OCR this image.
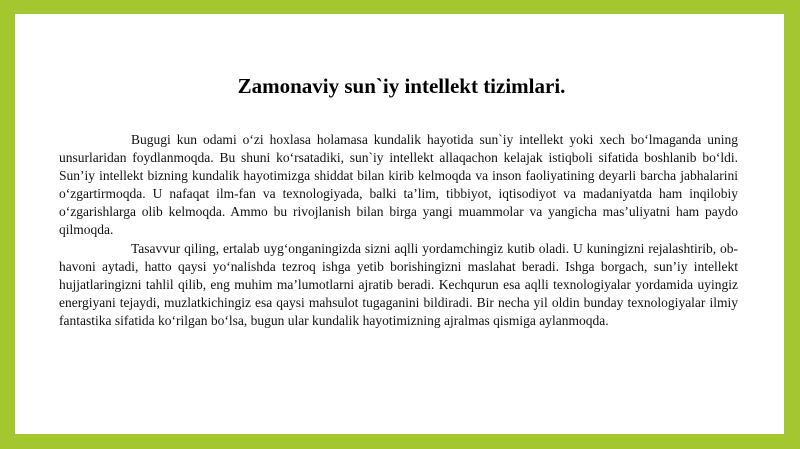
Zamonaviy sun`iy intellekt tizimlari.

Bugugi kun odami o‘zi hoxlasa holamasa kundalik hayotida sun`iy intellekt yoki xech bo‘lmaganda uning unsurlaridan foydlanmoqda. Bu shuni ko‘rsatadiki, sun`iy intellekt allaqachon kelajak istiqboli sifatida boshlanib bo‘ldi. Sun’iy intellekt bizning kundalik hayotimizga shiddat bilan kirib kelmoqda va inson faoliyatining deyarli barcha jabhalarini o‘zgartirmoqda. U nafaqat ilm-fan va texnologiyada, balki ta’lim, tibbiyot, iqtisodiyot va madaniyatda ham inqilobiy o‘zgarishlarga olib kelmoqda. Ammo bu rivojlanish bilan birga yangi muammolar va yangicha mas’uliyatni ham paydo qilmoqda.

Tasavvur qiling, ertalab uyg‘onganingizda sizni aqlli yordamchingiz kutib oladi. U kuningizni rejalashtirib, ob-havoni aytadi, hatto qaysi yo‘nalishda tezroq ishga yetib borishingizni maslahat beradi. Ishga borgach, sun’iy intellekt hujjatlaringizni tahlil qilib, eng muhim ma’lumotlarni ajratib beradi. Kechqurun esa aqlli texnologiyalar yordamida uyingiz energiyani tejaydi, muzlatkichingiz esa qaysi mahsulot tugaganini bildiradi. Bir necha yil oldin bunday texnologiyalar ilmiy fantastika sifatida ko‘rilgan bo‘lsa, bugun ular kundalik hayotimizning ajralmas qismiga aylanmoqda.
